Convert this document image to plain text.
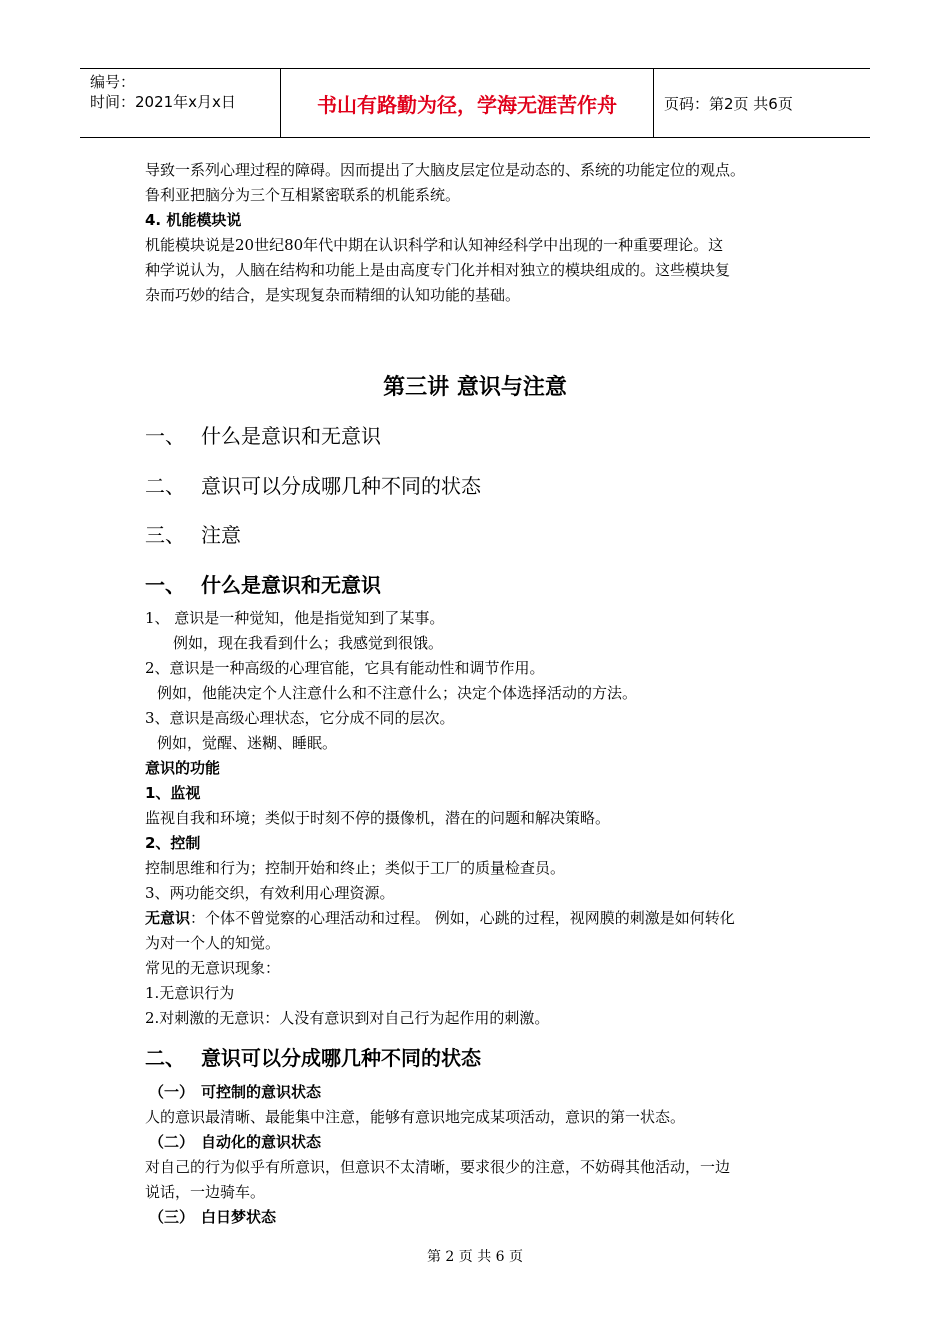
编号：
时间：2021年x月x日	书山有路勤为径，学海无涯苦作舟	页码：第2页 共6页

导致一系列心理过程的障碍。因而提出了大脑皮层定位是动态的、系统的功能定位的观点。

鲁利亚把脑分为三个互相紧密联系的机能系统。

4. 机能模块说

机能模块说是20世纪80年代中期在认识科学和认知神经科学中出现的一种重要理论。这

种学说认为，人脑在结构和功能上是由高度专门化并相对独立的模块组成的。这些模块复

杂而巧妙的结合，是实现复杂而精细的认知功能的基础。

第三讲 意识与注意
一、 什么是意识和无意识
二、 意识可以分成哪几种不同的状态
三、 注意
一、 什么是意识和无意识

1、 意识是一种觉知，他是指觉知到了某事。

例如，现在我看到什么；我感觉到很饿。

2、意识是一种高级的心理官能，它具有能动性和调节作用。

例如，他能决定个人注意什么和不注意什么；决定个体选择活动的方法。

3、意识是高级心理状态，它分成不同的层次。

例如，觉醒、迷糊、睡眠。

意识的功能

1、监视

监视自我和环境；类似于时刻不停的摄像机，潜在的问题和解决策略。

2、控制

控制思维和行为；控制开始和终止；类似于工厂的质量检查员。

3、两功能交织，有效利用心理资源。

无意识：个体不曾觉察的心理活动和过程。 例如，心跳的过程，视网膜的刺激是如何转化

为对一个人的知觉。

常见的无意识现象：

1.无意识行为

2.对刺激的无意识：人没有意识到对自己行为起作用的刺激。

二、 意识可以分成哪几种不同的状态

（一） 可控制的意识状态

人的意识最清晰、最能集中注意，能够有意识地完成某项活动，意识的第一状态。

（二） 自动化的意识状态

对自己的行为似乎有所意识，但意识不太清晰，要求很少的注意，不妨碍其他活动，一边

说话，一边骑车。

（三） 白日梦状态

第 2 页 共 6 页
